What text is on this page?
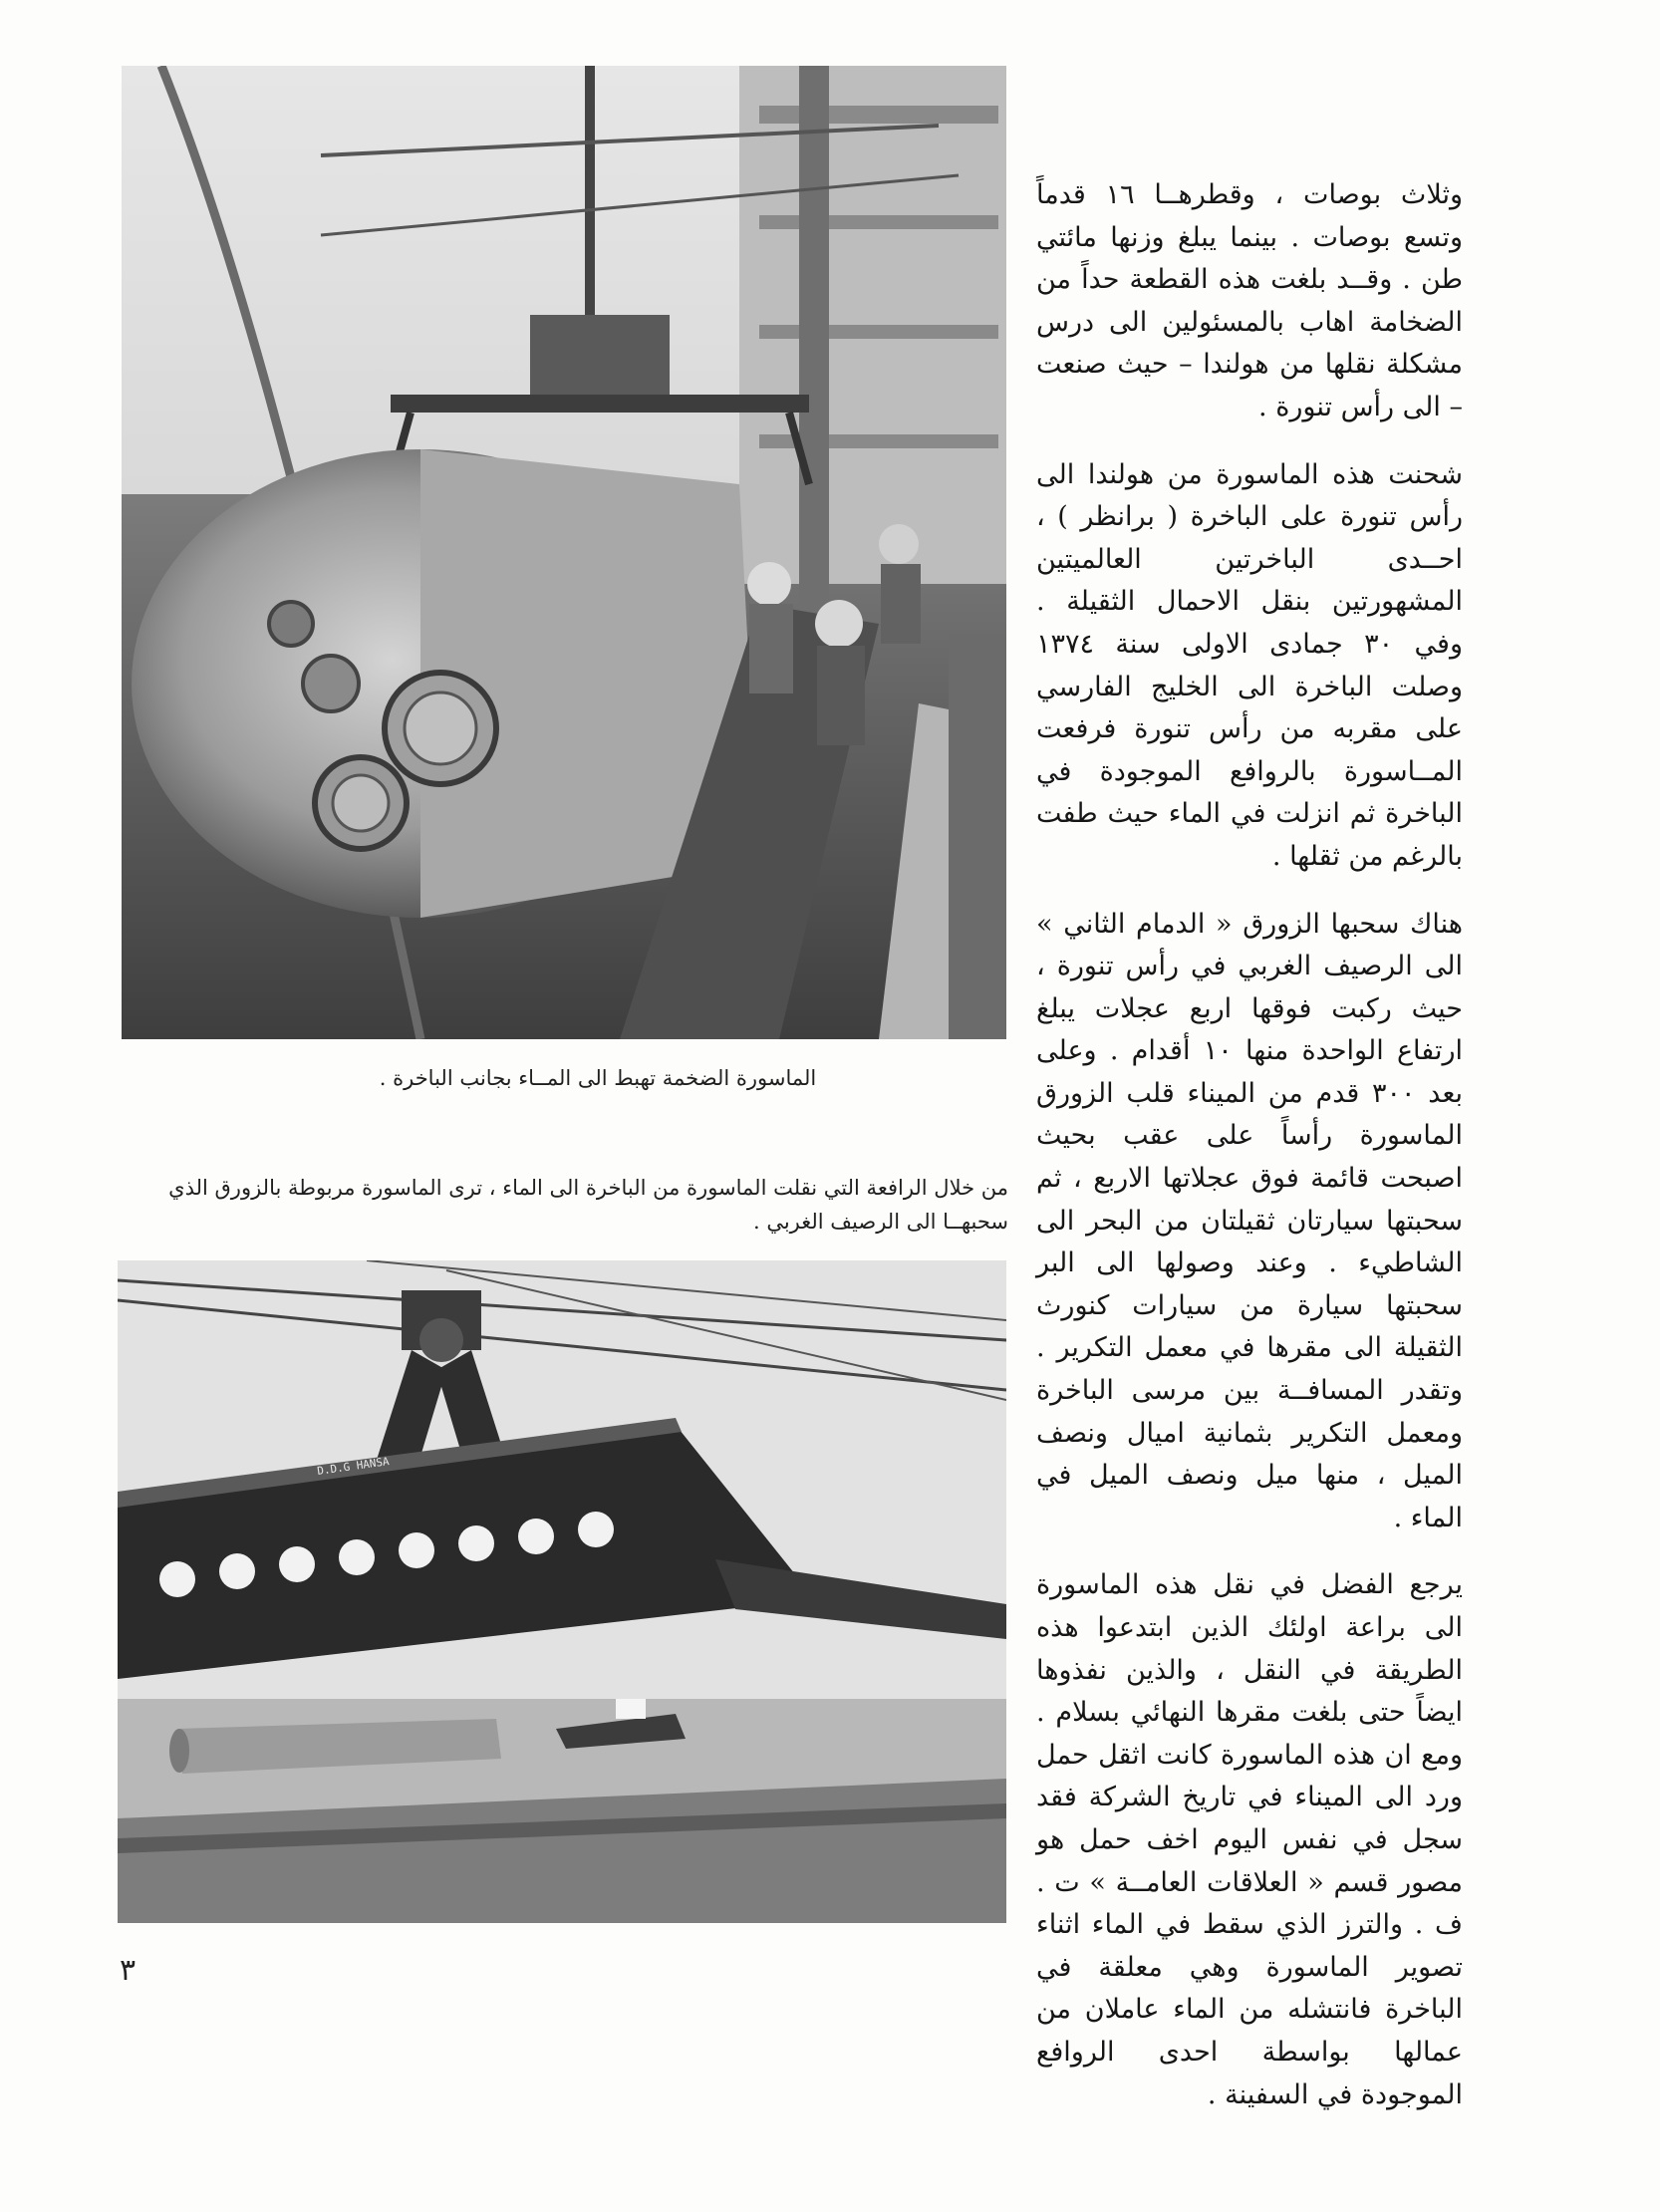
الماسورة الضخمة تهبط الى المــاء بجانب الباخرة .
من خلال الرافعة التي نقلت الماسورة من الباخرة الى الماء ، ترى الماسورة مربوطة بالزورق الذي سحبهــا الى الرصيف الغربي .
D.D.G HANSA

وثلاث بوصات ، وقطرهــا ١٦ قدماً وتسع بوصات . بينما يبلغ وزنها مائتي طن . وقــد بلغت هذه القطعة حداً من الضخامة اهاب بالمسئولين الى درس مشكلة نقلها من هولندا – حيث صنعت – الى رأس تنورة .

شحنت هذه الماسورة من هولندا الى رأس تنورة على الباخرة ( برانظر ) ، احــدى الباخرتين العالميتين المشهورتين بنقل الاحمال الثقيلة . وفي ٣٠ جمادى الاولى سنة ١٣٧٤ وصلت الباخرة الى الخليج الفارسي على مقربه من رأس تنورة فرفعت المــاسورة بالروافع الموجودة في الباخرة ثم انزلت في الماء حيث طفت بالرغم من ثقلها .

هناك سحبها الزورق « الدمام الثاني » الى الرصيف الغربي في رأس تنورة ، حيث ركبت فوقها اربع عجلات يبلغ ارتفاع الواحدة منها ١٠ أقدام . وعلى بعد ٣٠٠ قدم من الميناء قلب الزورق الماسورة رأساً على عقب بحيث اصبحت قائمة فوق عجلاتها الاربع ، ثم سحبتها سيارتان ثقيلتان من البحر الى الشاطيء . وعند وصولها الى البر سحبتها سيارة من سيارات كنورث الثقيلة الى مقرها في معمل التكرير . وتقدر المسافــة بين مرسى الباخرة ومعمل التكرير بثمانية اميال ونصف الميل ، منها ميل ونصف الميل في الماء .

يرجع الفضل في نقل هذه الماسورة الى براعة اولئك الذين ابتدعوا هذه الطريقة في النقل ، والذين نفذوها ايضاً حتى بلغت مقرها النهائي بسلام . ومع ان هذه الماسورة كانت اثقل حمل ورد الى الميناء في تاريخ الشركة فقد سجل في نفس اليوم اخف حمل هو مصور قسم « العلاقات العامــة » ت . ف . والترز الذي سقط في الماء اثناء تصوير الماسورة وهي معلقة في الباخرة فانتشله من الماء عاملان من عمالها بواسطة احدى الروافع الموجودة في السفينة .

٣
